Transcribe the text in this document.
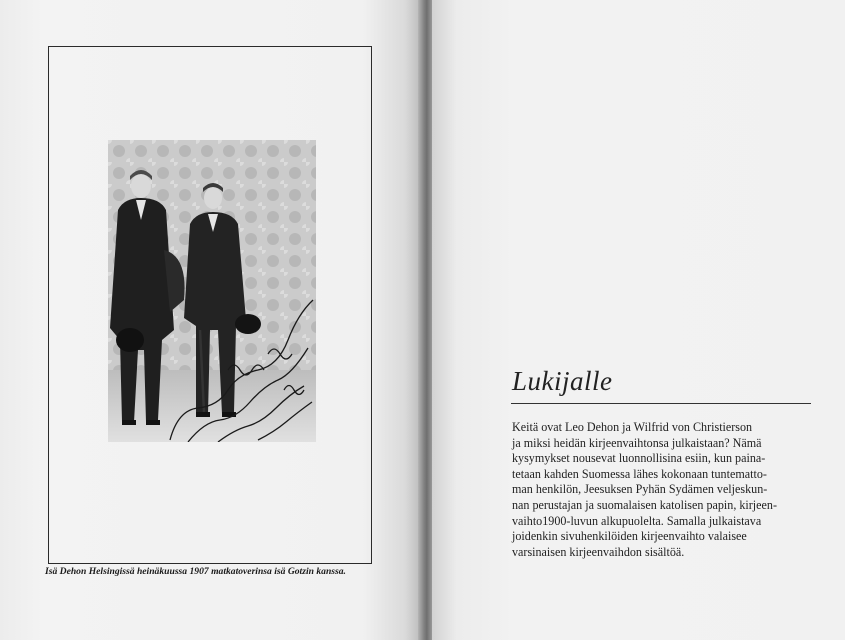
Isä Dehon Helsingissä heinäkuussa 1907 matkatoverinsa isä Gotzin kanssa.
Lukijalle
Keitä ovat Leo Dehon ja Wilfrid von Christierson
ja miksi heidän kirjeenvaihtonsa julkaistaan? Nämä
kysymykset nousevat luonnollisina esiin, kun paina-
tetaan kahden Suomessa lähes kokonaan tuntematto-
man henkilön, Jeesuksen Pyhän Sydämen veljeskun-
nan perustajan ja suomalaisen katolisen papin, kirjeen-
vaihto1900-luvun alkupuolelta. Samalla julkaistava
joidenkin sivuhenkilöiden kirjeenvaihto valaisee
varsinaisen kirjeenvaihdon sisältöä.
